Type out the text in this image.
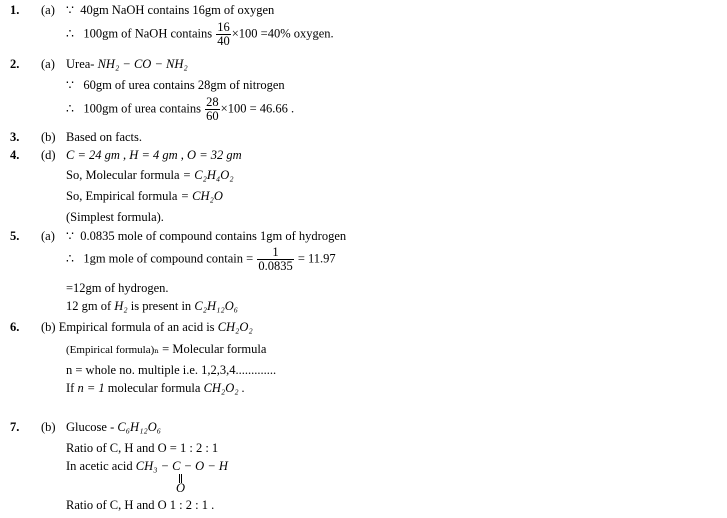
1. (a) ∵ 40gm NaOH contains 16gm of oxygen
∴ 100gm of NaOH contains $\frac{16}{40} \times 100 =40\%$ oxygen.
2. (a) Urea- NH₂ − CO − NH₂
∵ 60gm of urea contains 28gm of nitrogen
∴ 100gm of urea contains $\frac{28}{60} \times 100 = 46.66$ .
3. (b) Based on facts.
4. (d) C = 24 gm , H = 4 gm , O = 32 gm
So, Molecular formula = C₂H₄O₂
So, Empirical formula = CH₂O
(Simplest formula).
5. (a) ∵ 0.0835 mole of compound contains 1gm of hydrogen
∴ 1gm mole of compound contain = $\frac{1}{0.0835} = 11.97$
=12gm of hydrogen.
12 gm of H₂ is present in C₂H₁₂O₆
6. (b) Empirical formula of an acid is CH₂O₂
(Empirical formula)ₙ = Molecular formula
n = whole no. multiple i.e. 1,2,3,4.............
If n = 1 molecular formula CH₂O₂ .
7. (b) Glucose - C₆H₁₂O₆
Ratio of C, H and O = 1 : 2 : 1
In acetic acid CH₃ − C − O − H
O
Ratio of C, H and O 1 : 2 : 1 .
